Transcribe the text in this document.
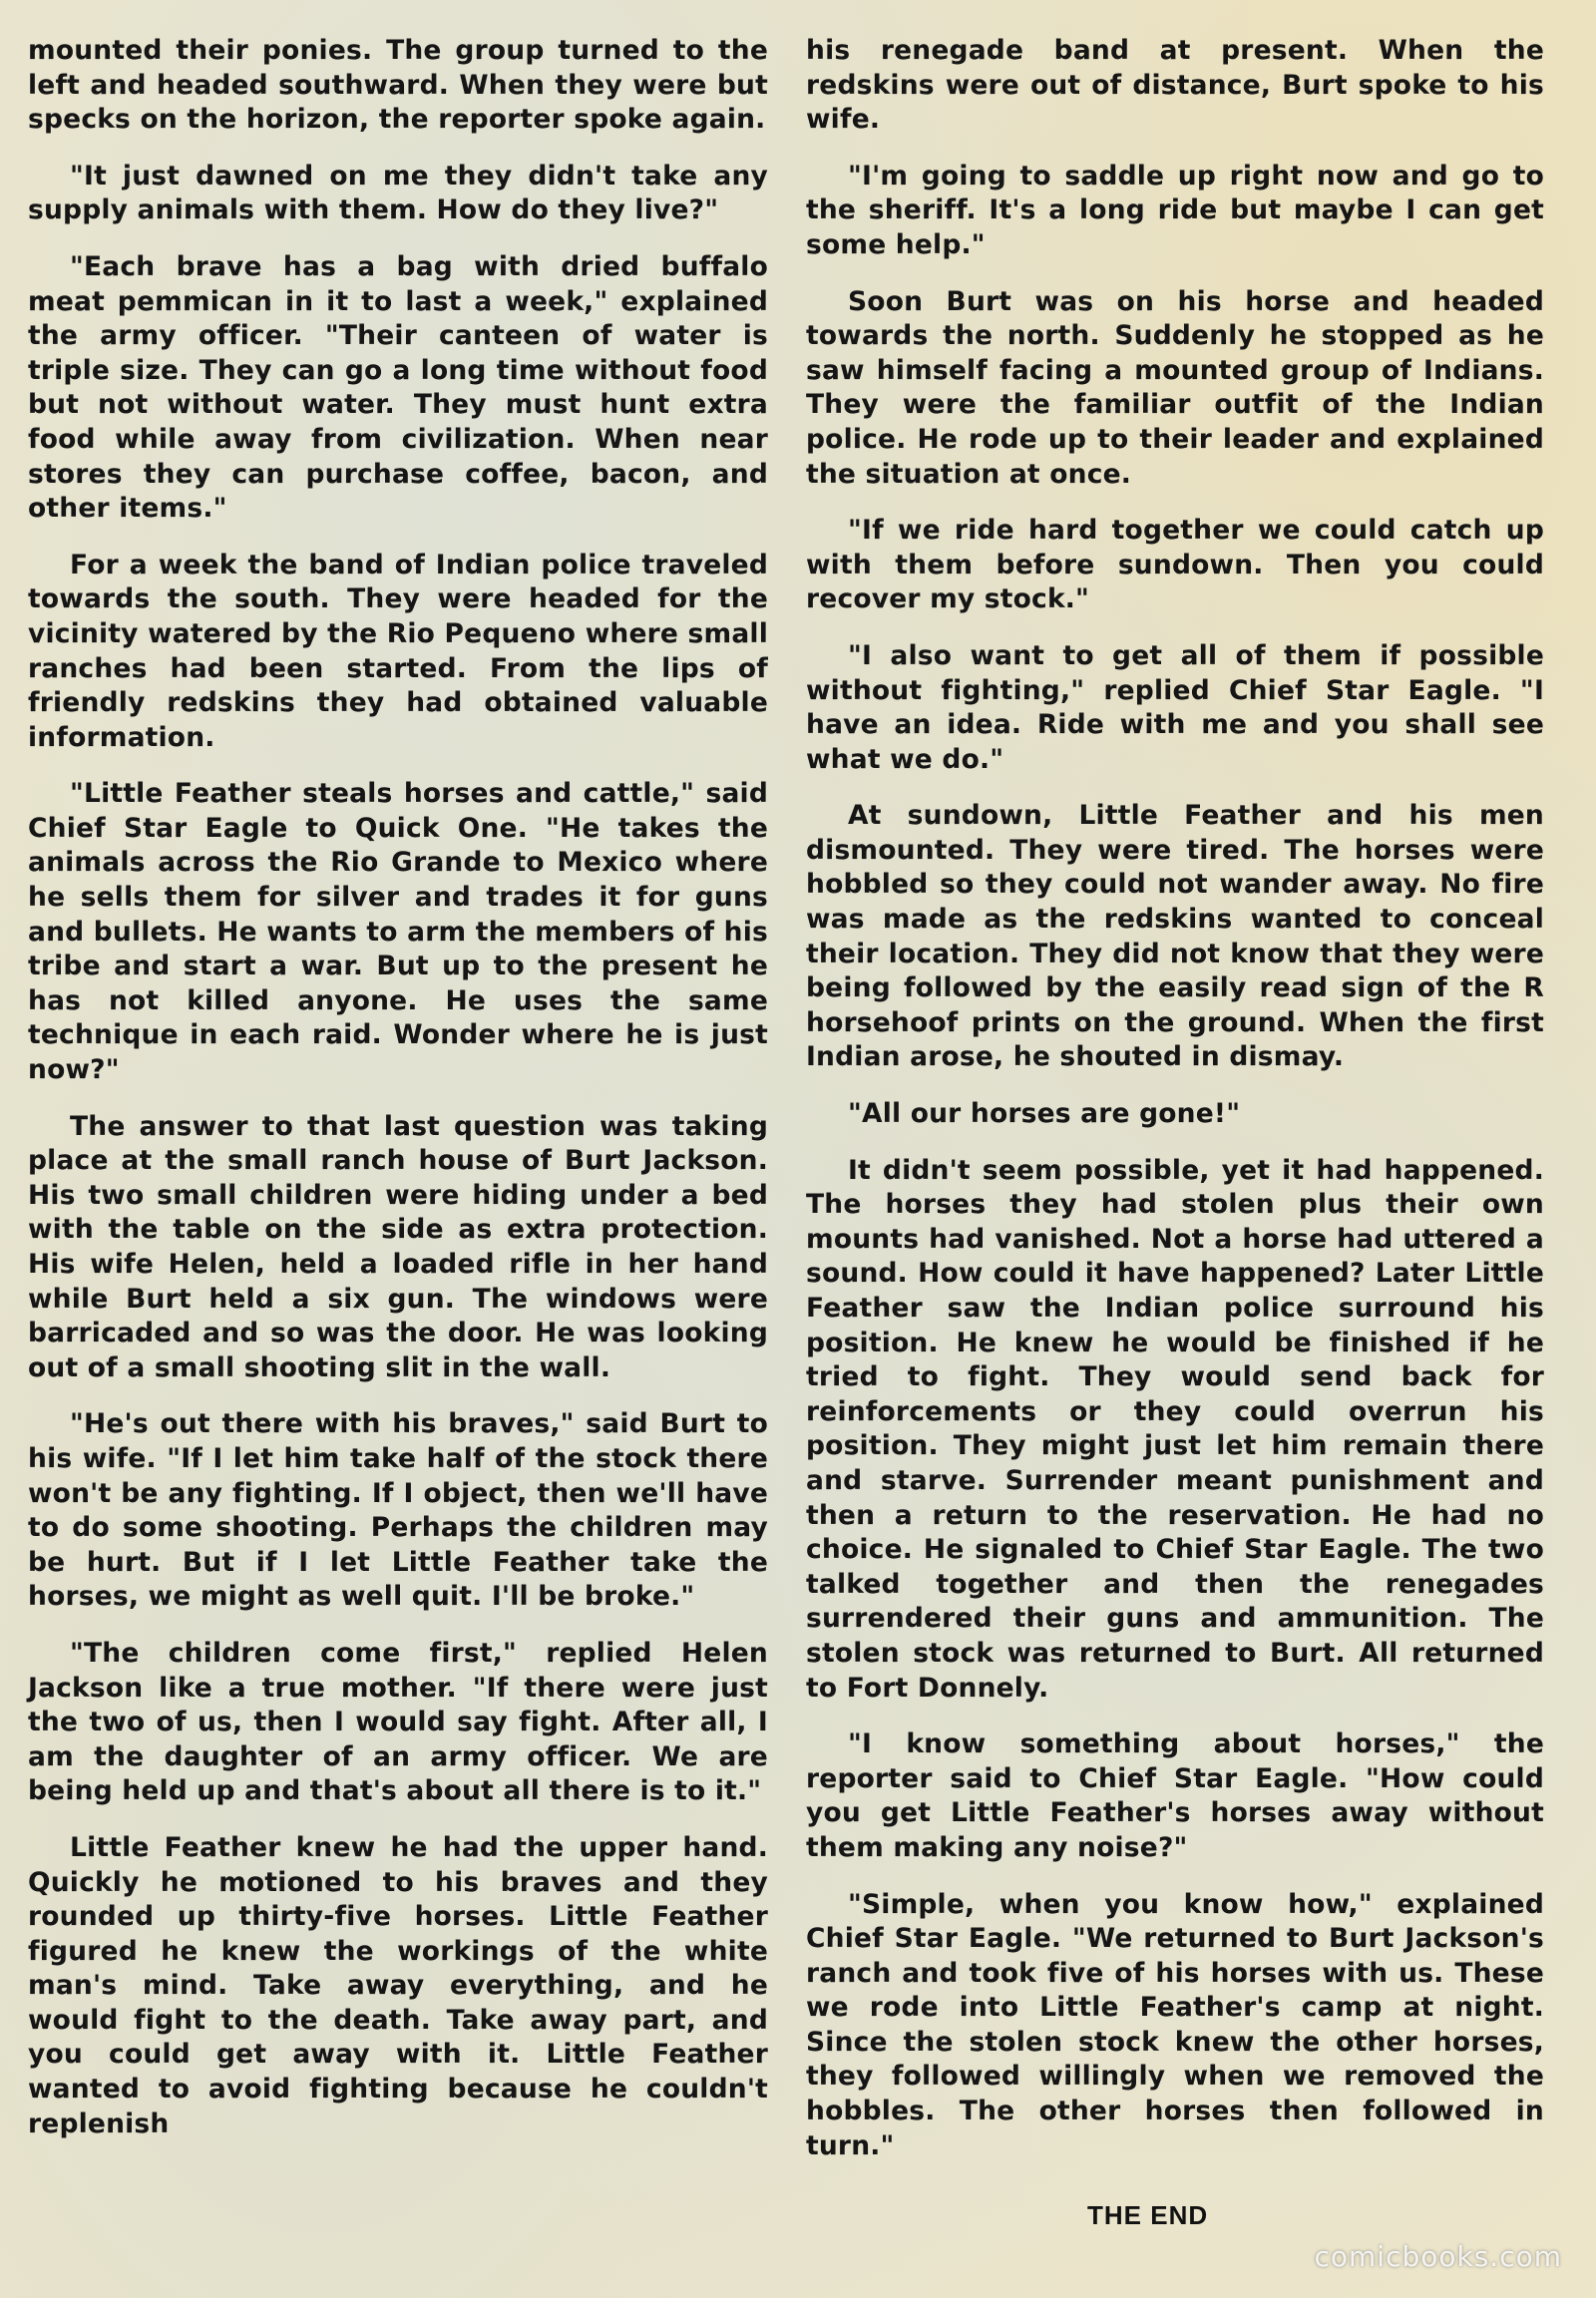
mounted their ponies. The group turned to the left and headed southward. When they were but specks on the horizon, the reporter spoke again.

"It just dawned on me they didn't take any supply animals with them. How do they live?"

"Each brave has a bag with dried buffalo meat pemmican in it to last a week," explained the army officer. "Their canteen of water is triple size. They can go a long time without food but not without water. They must hunt extra food while away from civilization. When near stores they can purchase coffee, bacon, and other items."

For a week the band of Indian police traveled towards the south. They were headed for the vicinity watered by the Rio Pequeno where small ranches had been started. From the lips of friendly redskins they had obtained valuable information.

"Little Feather steals horses and cattle," said Chief Star Eagle to Quick One. "He takes the animals across the Rio Grande to Mexico where he sells them for silver and trades it for guns and bullets. He wants to arm the members of his tribe and start a war. But up to the present he has not killed anyone. He uses the same technique in each raid. Wonder where he is just now?"

The answer to that last question was taking place at the small ranch house of Burt Jackson. His two small children were hiding under a bed with the table on the side as extra protection. His wife Helen, held a loaded rifle in her hand while Burt held a six gun. The windows were barricaded and so was the door. He was looking out of a small shooting slit in the wall.

"He's out there with his braves," said Burt to his wife. "If I let him take half of the stock there won't be any fighting. If I object, then we'll have to do some shooting. Perhaps the children may be hurt. But if I let Little Feather take the horses, we might as well quit. I'll be broke."

"The children come first," replied Helen Jackson like a true mother. "If there were just the two of us, then I would say fight. After all, I am the daughter of an army officer. We are being held up and that's about all there is to it."

Little Feather knew he had the upper hand. Quickly he motioned to his braves and they rounded up thirty-five horses. Little Feather figured he knew the workings of the white man's mind. Take away everything, and he would fight to the death. Take away part, and you could get away with it. Little Feather wanted to avoid fighting because he couldn't replenish

his renegade band at present. When the redskins were out of distance, Burt spoke to his wife.

"I'm going to saddle up right now and go to the sheriff. It's a long ride but maybe I can get some help."

Soon Burt was on his horse and headed towards the north. Suddenly he stopped as he saw himself facing a mounted group of Indians. They were the familiar outfit of the Indian police. He rode up to their leader and explained the situation at once.

"If we ride hard together we could catch up with them before sundown. Then you could recover my stock."

"I also want to get all of them if possible without fighting," replied Chief Star Eagle. "I have an idea. Ride with me and you shall see what we do."

At sundown, Little Feather and his men dismounted. They were tired. The horses were hobbled so they could not wander away. No fire was made as the redskins wanted to conceal their location. They did not know that they were being followed by the easily read sign of the R horsehoof prints on the ground. When the first Indian arose, he shouted in dismay.

"All our horses are gone!"

It didn't seem possible, yet it had happened. The horses they had stolen plus their own mounts had vanished. Not a horse had uttered a sound. How could it have happened? Later Little Feather saw the Indian police surround his position. He knew he would be finished if he tried to fight. They would send back for reinforcements or they could overrun his position. They might just let him remain there and starve. Surrender meant punishment and then a return to the reservation. He had no choice. He signaled to Chief Star Eagle. The two talked together and then the renegades surrendered their guns and ammunition. The stolen stock was returned to Burt. All returned to Fort Donnely.

"I know something about horses," the reporter said to Chief Star Eagle. "How could you get Little Feather's horses away without them making any noise?"

"Simple, when you know how," explained Chief Star Eagle. "We returned to Burt Jackson's ranch and took five of his horses with us. These we rode into Little Feather's camp at night. Since the stolen stock knew the other horses, they followed willingly when we removed the hobbles. The other horses then followed in turn."

THE END
comicbooks.com
